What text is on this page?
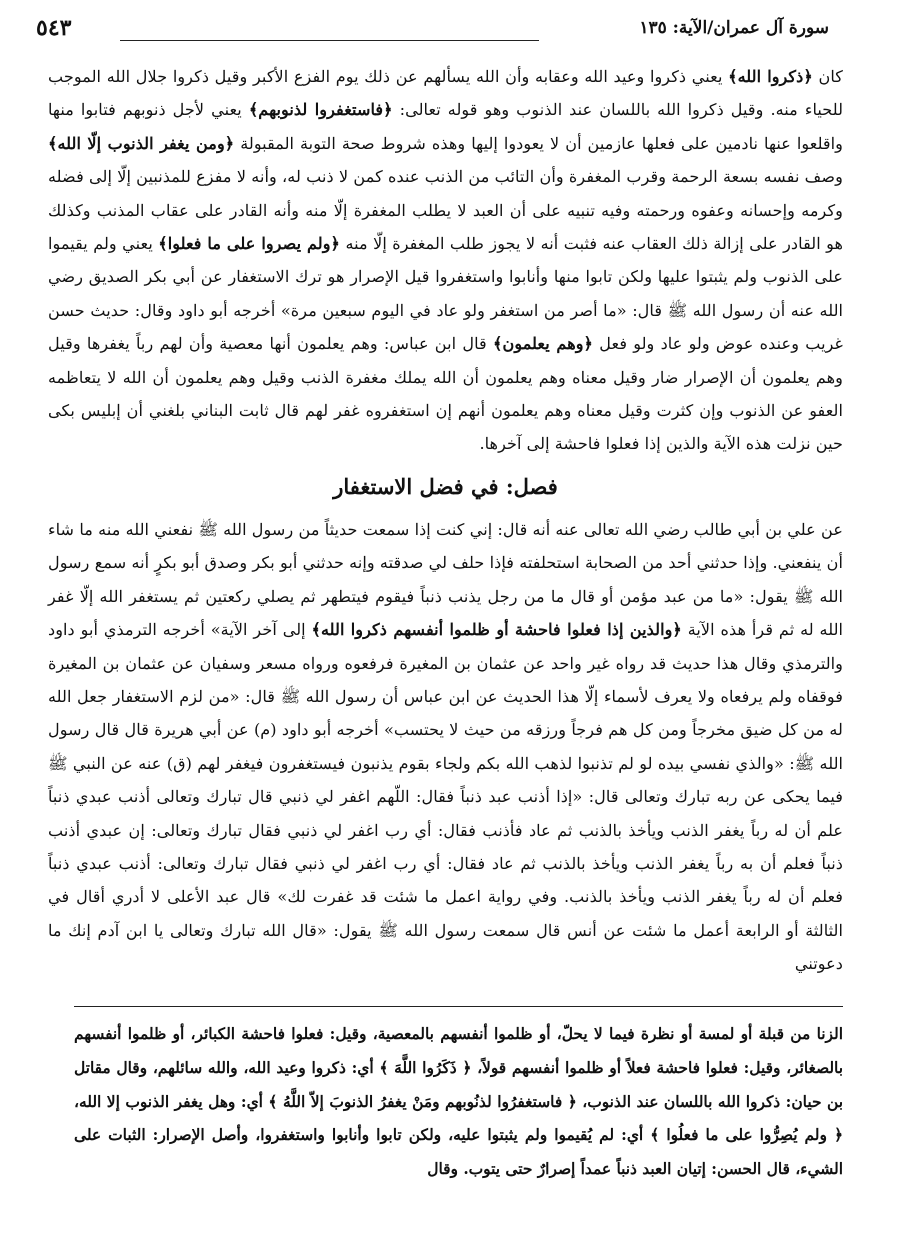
سورة آل عمران/الآية: ١٣٥
٥٤٣

كان ﴿ذكروا الله﴾ يعني ذكروا وعيد الله وعقابه وأن الله يسألهم عن ذلك يوم الفزع الأكبر وقيل ذكروا جلال الله الموجب للحياء منه. وقيل ذكروا الله باللسان عند الذنوب وهو قوله تعالى: ﴿فاستغفروا لذنوبهم﴾ يعني لأجل ذنوبهم فتابوا منها واقلعوا عنها نادمين على فعلها عازمين أن لا يعودوا إليها وهذه شروط صحة التوبة المقبولة ﴿ومن يغفر الذنوب إلّا الله﴾ وصف نفسه بسعة الرحمة وقرب المغفرة وأن التائب من الذنب عنده كمن لا ذنب له، وأنه لا مفزع للمذنبين إلّا إلى فضله وكرمه وإحسانه وعفوه ورحمته وفيه تنبيه على أن العبد لا يطلب المغفرة إلّا منه وأنه القادر على عقاب المذنب وكذلك هو القادر على إزالة ذلك العقاب عنه فثبت أنه لا يجوز طلب المغفرة إلّا منه ﴿ولم يصروا على ما فعلوا﴾ يعني ولم يقيموا على الذنوب ولم يثبتوا عليها ولكن تابوا منها وأنابوا واستغفروا قيل الإصرار هو ترك الاستغفار عن أبي بكر الصديق رضي الله عنه أن رسول الله ﷺ قال: «ما أصر من استغفر ولو عاد في اليوم سبعين مرة» أخرجه أبو داود وقال: حديث حسن غريب وعنده عوض ولو عاد ولو فعل ﴿وهم يعلمون﴾ قال ابن عباس: وهم يعلمون أنها معصية وأن لهم رباً يغفرها وقيل وهم يعلمون أن الإصرار ضار وقيل معناه وهم يعلمون أن الله يملك مغفرة الذنب وقيل وهم يعلمون أن الله لا يتعاظمه العفو عن الذنوب وإن كثرت وقيل معناه وهم يعلمون أنهم إن استغفروه غفر لهم قال ثابت البناني بلغني أن إبليس بكى حين نزلت هذه الآية والذين إذا فعلوا فاحشة إلى آخرها.

فصل: في فضل الاستغفار

عن علي بن أبي طالب رضي الله تعالى عنه أنه قال: إني كنت إذا سمعت حديثاً من رسول الله ﷺ نفعني الله منه ما شاء أن ينفعني. وإذا حدثني أحد من الصحابة استحلفته فإذا حلف لي صدقته وإنه حدثني أبو بكر وصدق أبو بكرٍ أنه سمع رسول الله ﷺ يقول: «ما من عبد مؤمن أو قال ما من رجل يذنب ذنباً فيقوم فيتطهر ثم يصلي ركعتين ثم يستغفر الله إلّا غفر الله له ثم قرأ هذه الآية ﴿والذين إذا فعلوا فاحشة أو ظلموا أنفسهم ذكروا الله﴾ إلى آخر الآية» أخرجه الترمذي أبو داود والترمذي وقال هذا حديث قد رواه غير واحد عن عثمان بن المغيرة فرفعوه ورواه مسعر وسفيان عن عثمان بن المغيرة فوقفاه ولم يرفعاه ولا يعرف لأسماء إلّا هذا الحديث عن ابن عباس أن رسول الله ﷺ قال: «من لزم الاستغفار جعل الله له من كل ضيق مخرجاً ومن كل هم فرجاً ورزقه من حيث لا يحتسب» أخرجه أبو داود (م) عن أبي هريرة قال قال رسول الله ﷺ: «والذي نفسي بيده لو لم تذنبوا لذهب الله بكم ولجاء بقوم يذنبون فيستغفرون فيغفر لهم (ق) عنه عن النبي ﷺ فيما يحكى عن ربه تبارك وتعالى قال: «إذا أذنب عبد ذنباً فقال: اللّهم اغفر لي ذنبي قال تبارك وتعالى أذنب عبدي ذنباً علم أن له رباً يغفر الذنب ويأخذ بالذنب ثم عاد فأذنب فقال: أي رب اغفر لي ذنبي فقال تبارك وتعالى: إن عبدي أذنب ذنباً فعلم أن به رباً يغفر الذنب ويأخذ بالذنب ثم عاد فقال: أي رب اغفر لي ذنبي فقال تبارك وتعالى: أذنب عبدي ذنباً فعلم أن له رباً يغفر الذنب ويأخذ بالذنب. وفي رواية اعمل ما شئت قد غفرت لك» قال عبد الأعلى لا أدري أقال في الثالثة أو الرابعة أعمل ما شئت عن أنس قال سمعت رسول الله ﷺ يقول: «قال الله تبارك وتعالى يا ابن آدم إنك ما دعوتني

الزنا من قبلة أو لمسة أو نظرة فيما لا يحلّ، أو ظلموا أنفسهم بالمعصية، وقيل: فعلوا فاحشة الكبائر، أو ظلموا أنفسهم بالصغائر، وقيل: فعلوا فاحشة فعلاً أو ظلموا أنفسهم قولاً، ﴿ ذَكَرُوا اللَّهَ ﴾ أي: ذكروا وعيد الله، والله سائلهم، وقال مقاتل بن حيان: ذكروا الله باللسان عند الذنوب، ﴿ فاستغفرُوا لذنُوبهم ومَنْ يغفرُ الذنوبَ إلاّ اللَّهُ ﴾ أي: وهل يغفر الذنوب إلا الله، ﴿ ولم يُصِرُّوا على ما فعلُوا ﴾ أي: لم يُقيموا ولم يثبتوا عليه، ولكن تابوا وأنابوا واستغفروا، وأصل الإصرار: الثبات على الشيء، قال الحسن: إتيان العبد ذنباً عمداً إصرارٌ حتى يتوب. وقال
